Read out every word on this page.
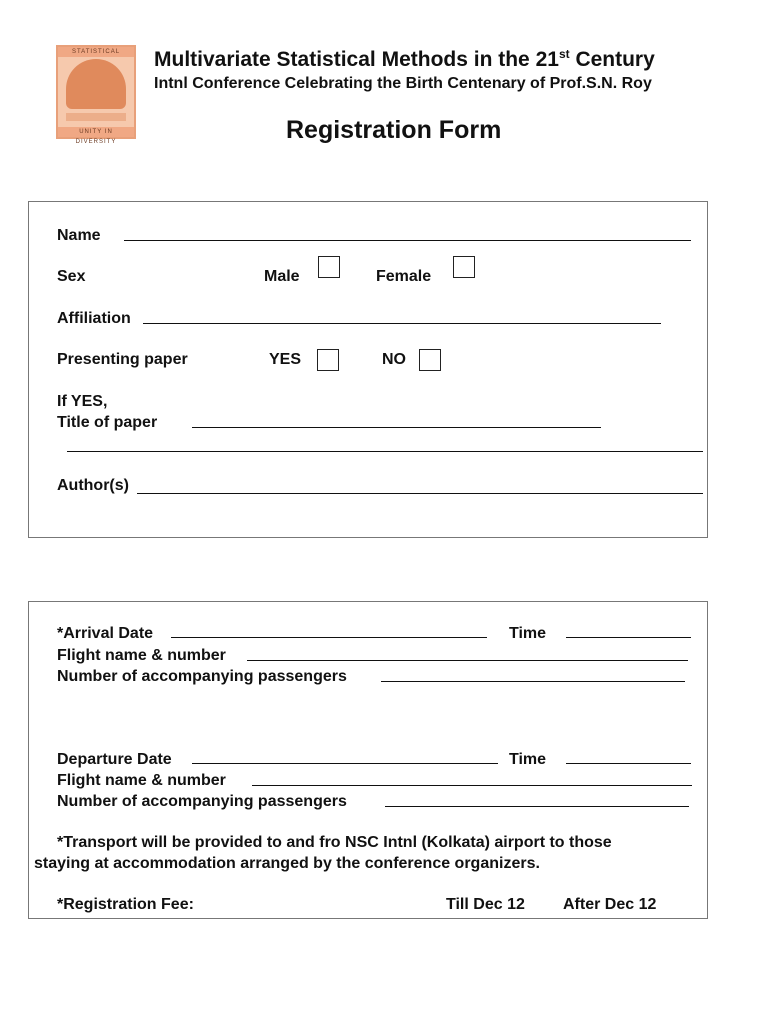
STATISTICAL
UNITY IN DIVERSITY
Multivariate Statistical Methods in the 21st Century
Intnl Conference Celebrating the Birth Centenary of Prof.S.N. Roy
Registration Form
Name
Sex	Male	Female
Affiliation
Presenting paper	YES	NO
If YES,
Title of paper
Author(s)
*Arrival Date	Time
Flight name & number
Number of accompanying passengers
Departure Date	Time
Flight name & number
Number of accompanying passengers
*Transport will be provided to and fro NSC Intnl (Kolkata) airport to those
staying at accommodation arranged by the conference organizers.
*Registration Fee:	Till Dec 12 After Dec 12
